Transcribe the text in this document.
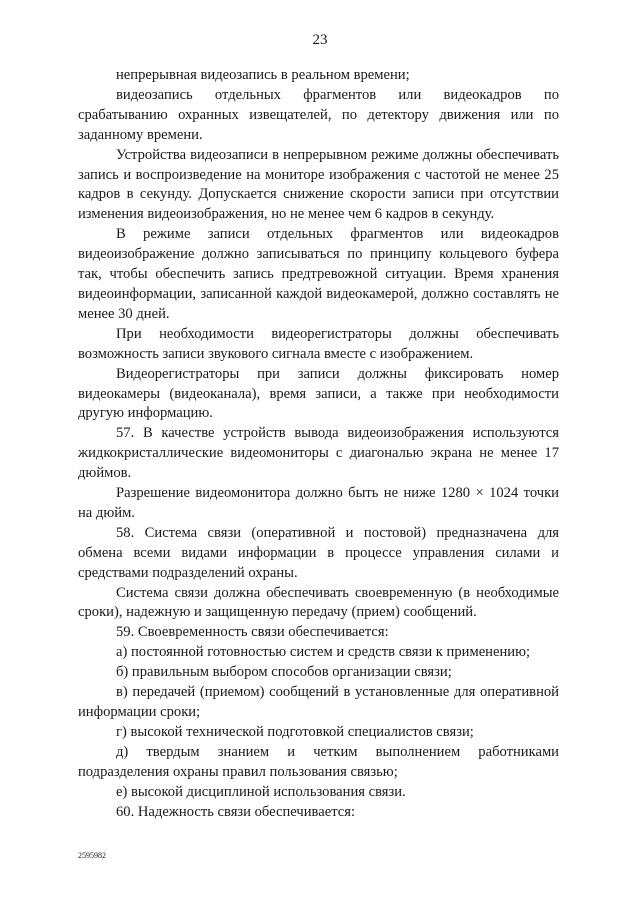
23

непрерывная видеозапись в реальном времени;

видеозапись отдельных фрагментов или видеокадров по срабатыванию охранных извещателей, по детектору движения или по заданному времени.

Устройства видеозаписи в непрерывном режиме должны обеспечивать запись и воспроизведение на мониторе изображения с частотой не менее 25 кадров в секунду. Допускается снижение скорости записи при отсутствии изменения видеоизображения, но не менее чем 6 кадров в секунду.

В режиме записи отдельных фрагментов или видеокадров видеоизображение должно записываться по принципу кольцевого буфера так, чтобы обеспечить запись предтревожной ситуации. Время хранения видеоинформации, записанной каждой видеокамерой, должно составлять не менее 30 дней.

При необходимости видеорегистраторы должны обеспечивать возможность записи звукового сигнала вместе с изображением.

Видеорегистраторы при записи должны фиксировать номер видеокамеры (видеоканала), время записи, а также при необходимости другую информацию.

57. В качестве устройств вывода видеоизображения используются жидкокристаллические видеомониторы с диагональю экрана не менее 17 дюймов.

Разрешение видеомонитора должно быть не ниже 1280 × 1024 точки на дюйм.

58. Система связи (оперативной и постовой) предназначена для обмена всеми видами информации в процессе управления силами и средствами подразделений охраны.

Система связи должна обеспечивать своевременную (в необходимые сроки), надежную и защищенную передачу (прием) сообщений.

59. Своевременность связи обеспечивается:

а) постоянной готовностью систем и средств связи к применению;

б) правильным выбором способов организации связи;

в) передачей (приемом) сообщений в установленные для оперативной информации сроки;

г) высокой технической подготовкой специалистов связи;

д) твердым знанием и четким выполнением работниками подразделения охраны правил пользования связью;

е) высокой дисциплиной использования связи.

60. Надежность связи обеспечивается:

2595982
